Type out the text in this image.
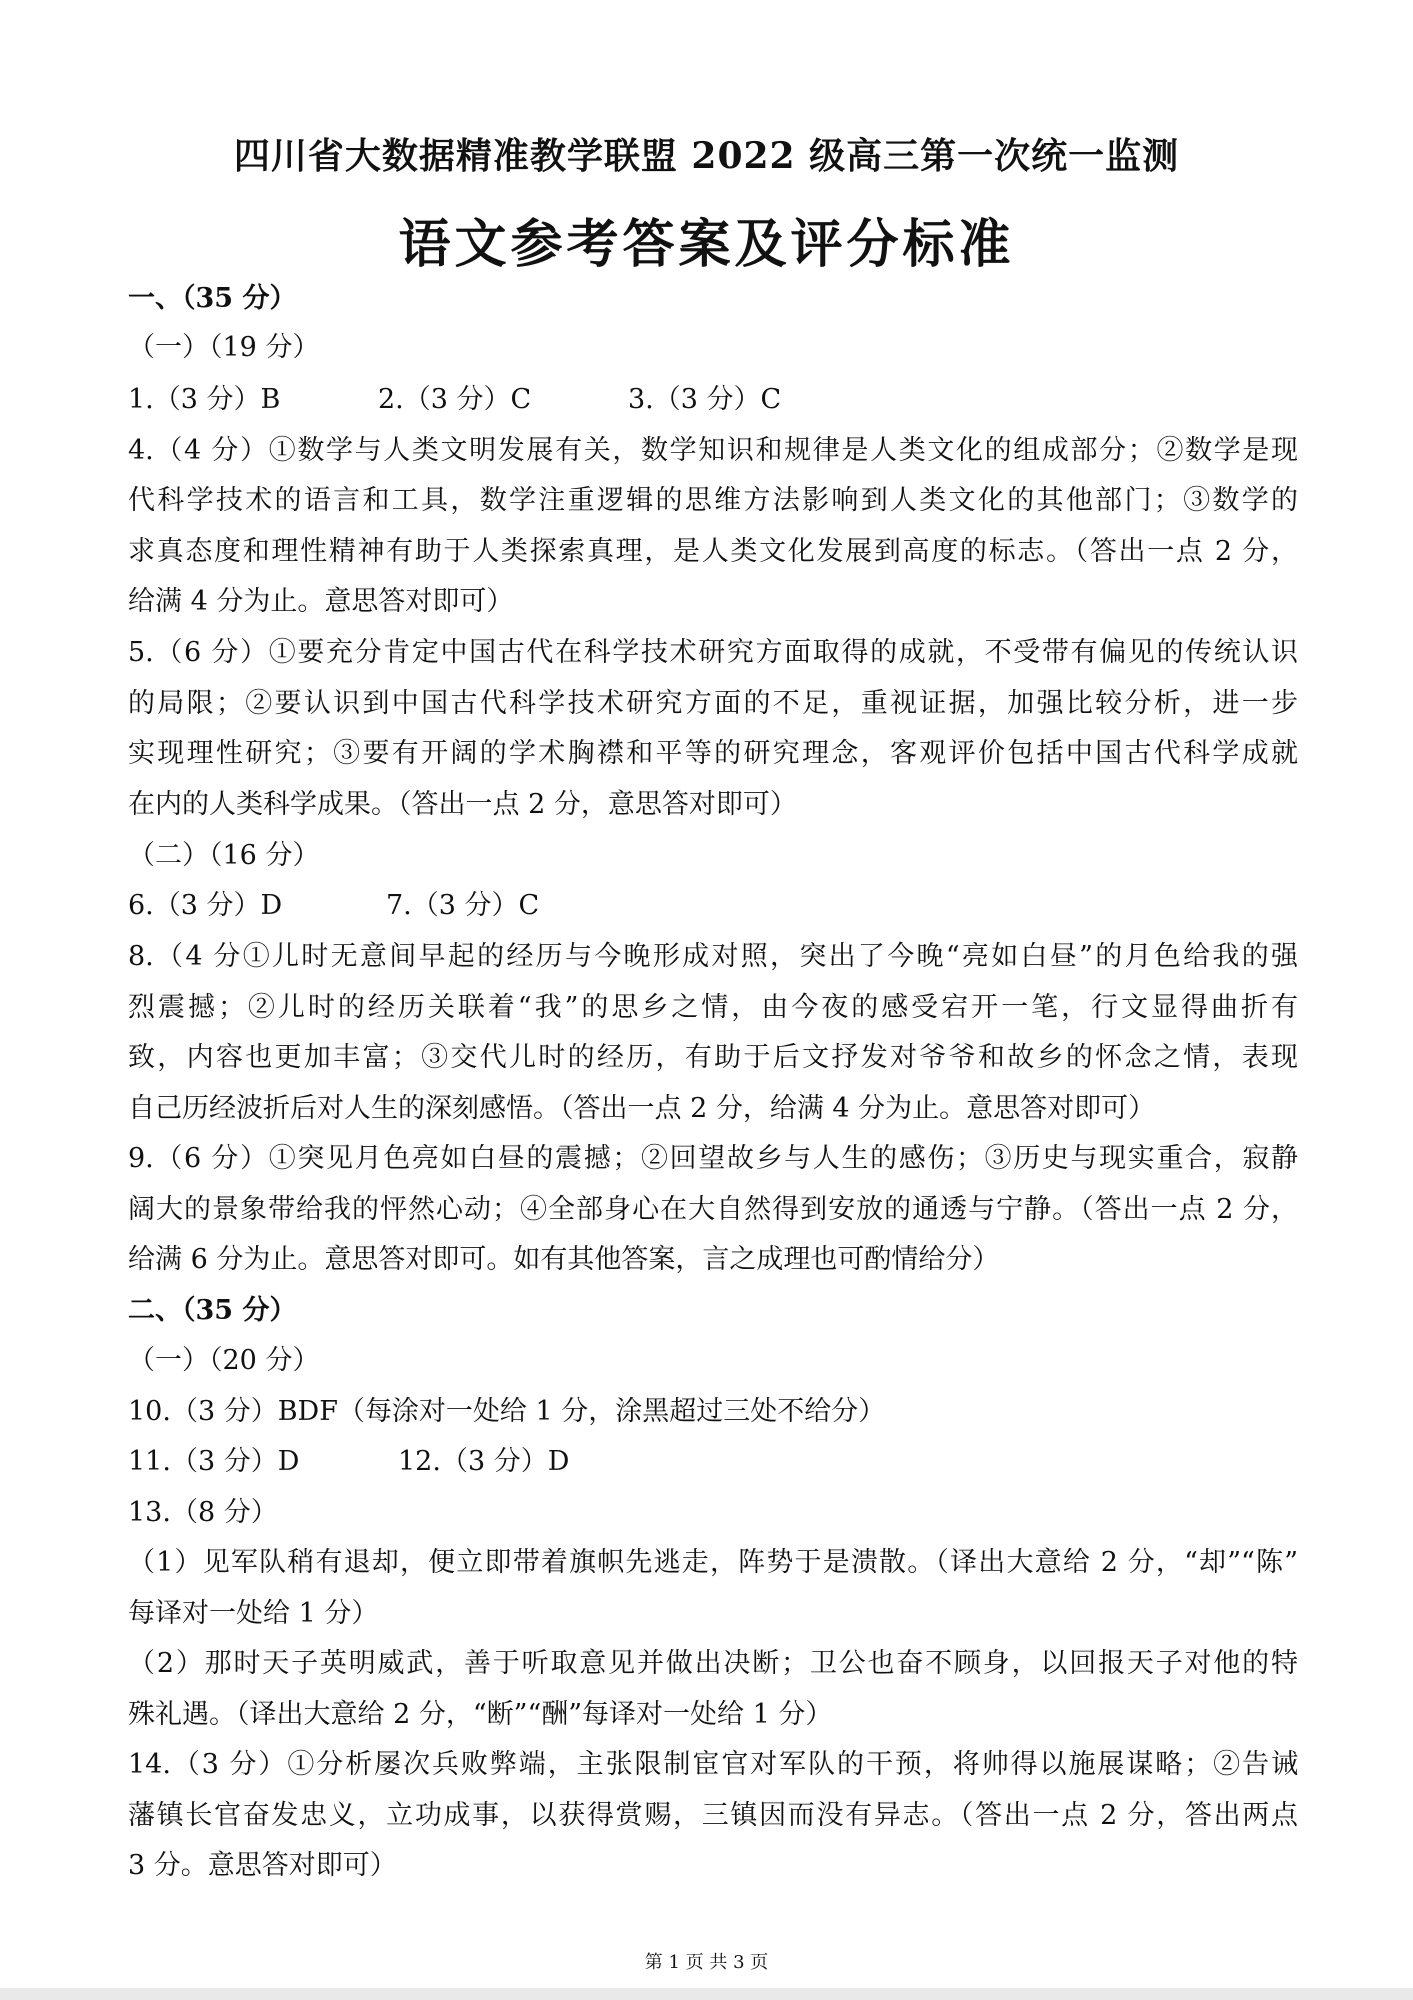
四川省大数据精准教学联盟 2022 级高三第一次统一监测
语文参考答案及评分标准
一、（35 分）
（一）（19 分）
1.（3 分）B	2.（3 分）C	3.（3 分）C
4.（4 分）①数学与人类文明发展有关，数学知识和规律是人类文化的组成部分；②数学是现
代科学技术的语言和工具，数学注重逻辑的思维方法影响到人类文化的其他部门；③数学的
求真态度和理性精神有助于人类探索真理，是人类文化发展到高度的标志。（答出一点 2 分，
给满 4 分为止。意思答对即可）
5.（6 分）①要充分肯定中国古代在科学技术研究方面取得的成就，不受带有偏见的传统认识
的局限；②要认识到中国古代科学技术研究方面的不足，重视证据，加强比较分析，进一步
实现理性研究；③要有开阔的学术胸襟和平等的研究理念，客观评价包括中国古代科学成就
在内的人类科学成果。（答出一点 2 分，意思答对即可）
（二）（16 分）
6.（3 分）D	7.（3 分）C
8.（4 分①儿时无意间早起的经历与今晚形成对照，突出了今晚“亮如白昼”的月色给我的强
烈震撼；②儿时的经历关联着“我”的思乡之情，由今夜的感受宕开一笔，行文显得曲折有
致，内容也更加丰富；③交代儿时的经历，有助于后文抒发对爷爷和故乡的怀念之情，表现
自己历经波折后对人生的深刻感悟。（答出一点 2 分，给满 4 分为止。意思答对即可）
9.（6 分）①突见月色亮如白昼的震撼；②回望故乡与人生的感伤；③历史与现实重合，寂静
阔大的景象带给我的怦然心动；④全部身心在大自然得到安放的通透与宁静。（答出一点 2 分，
给满 6 分为止。意思答对即可。如有其他答案，言之成理也可酌情给分）
二、（35 分）
（一）（20 分）
10.（3 分）BDF（每涂对一处给 1 分，涂黑超过三处不给分）
11.（3 分）D	12.（3 分）D
13.（8 分）
（1）见军队稍有退却，便立即带着旗帜先逃走，阵势于是溃散。（译出大意给 2 分，“却”“陈”
每译对一处给 1 分）
（2）那时天子英明威武，善于听取意见并做出决断；卫公也奋不顾身，以回报天子对他的特
殊礼遇。（译出大意给 2 分，“断”“酬”每译对一处给 1 分）
14.（3 分）①分析屡次兵败弊端，主张限制宦官对军队的干预，将帅得以施展谋略；②告诫
藩镇长官奋发忠义，立功成事，以获得赏赐，三镇因而没有异志。（答出一点 2 分，答出两点
3 分。意思答对即可）
第 1 页 共 3 页
